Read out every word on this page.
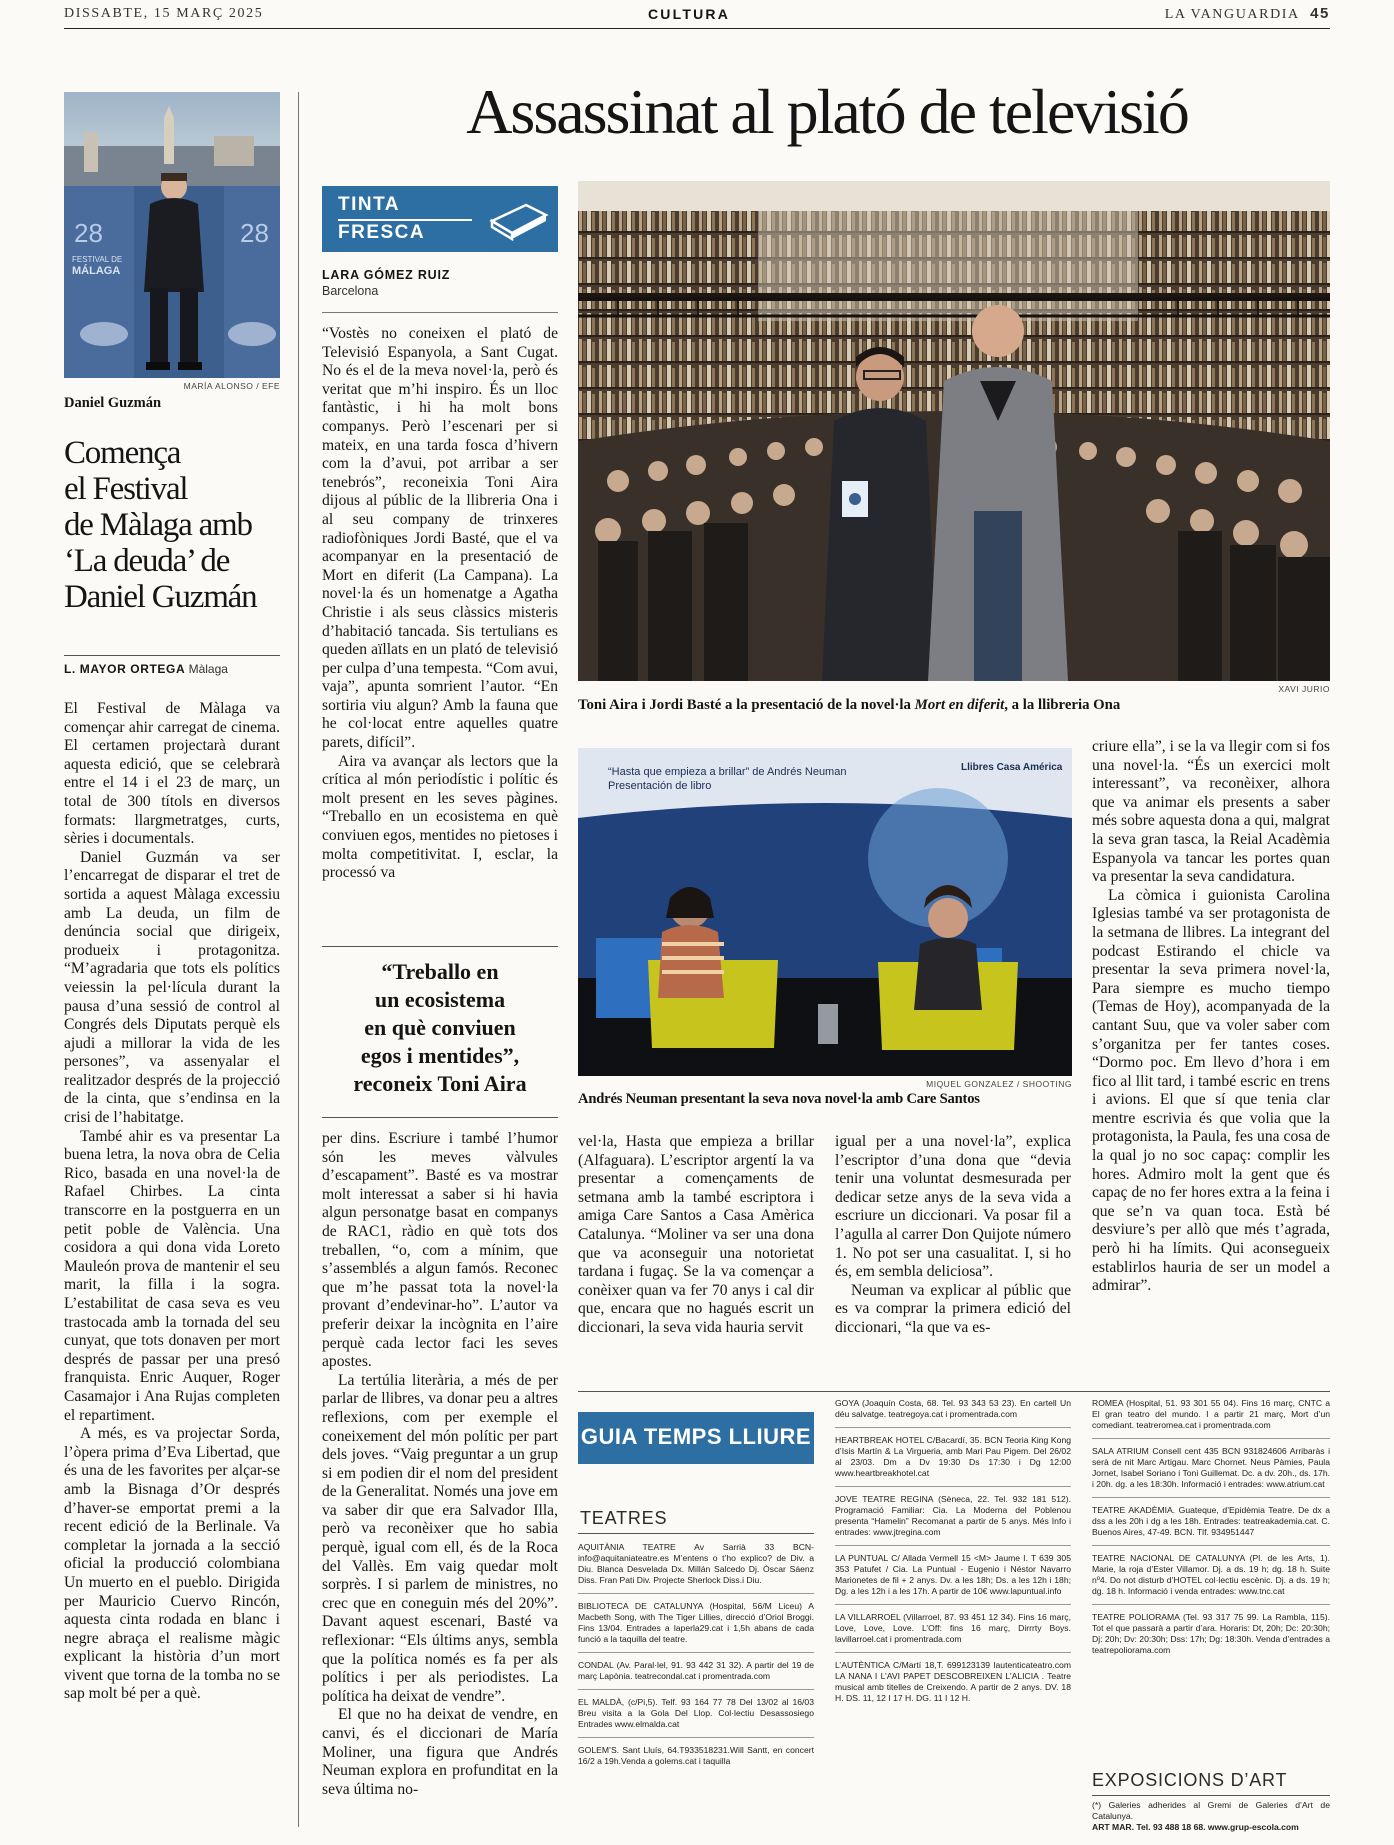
DISSABTE, 15 MARÇ 2025	CULTURA	LA VANGUARDIA 45
28
FESTIVAL DE
MÁLAGA
28
MARÍA ALONSO / EFE
Daniel Guzmán
Comença
el Festival
de Màlaga amb
‘La deuda’ de
Daniel Guzmán
L. MAYOR ORTEGA Màlaga

El Festival de Màlaga va començar ahir carregat de cinema. El certamen projectarà durant aquesta edició, que se celebrarà entre el 14 i el 23 de març, un total de 300 títols en diversos formats: llargmetratges, curts, sèries i documentals.

Daniel Guzmán va ser l’encarregat de disparar el tret de sortida a aquest Màlaga excessiu amb La deuda, un film de denúncia social que dirigeix, produeix i protagonitza. “M’agradaria que tots els polítics veiessin la pel·lícula durant la pausa d’una sessió de control al Congrés dels Diputats perquè els ajudi a millorar la vida de les persones”, va assenyalar el realitzador després de la projecció de la cinta, que s’endinsa en la crisi de l’habitatge.

També ahir es va presentar La buena letra, la nova obra de Celia Rico, basada en una novel·la de Rafael Chirbes. La cinta transcorre en la postguerra en un petit poble de València. Una cosidora a qui dona vida Loreto Mauleón prova de mantenir el seu marit, la filla i la sogra. L’estabilitat de casa seva es veu trastocada amb la tornada del seu cunyat, que tots donaven per mort després de passar per una presó franquista. Enric Auquer, Roger Casamajor i Ana Rujas completen el repartiment.

A més, es va projectar Sorda, l’òpera prima d’Eva Libertad, que és una de les favorites per alçar-se amb la Bisnaga d’Or després d’haver-se emportat premi a la recent edició de la Berlinale. Va completar la jornada a la secció oficial la producció colombiana Un muerto en el pueblo. Dirigida per Mauricio Cuervo Rincón, aquesta cinta rodada en blanc i negre abraça el realisme màgic explicant la història d’un mort vivent que torna de la tomba no se sap molt bé per a què.

Assassinat al plató de televisió
TINTA
FRESCA
LARA GÓMEZ RUIZ
Barcelona

“Vostès no coneixen el plató de Televisió Espanyola, a Sant Cugat. No és el de la meva novel·la, però és veritat que m’hi inspiro. És un lloc fantàstic, i hi ha molt bons companys. Però l’escenari per si mateix, en una tarda fosca d’hivern com la d’avui, pot arribar a ser tenebrós”, reconeixia Toni Aira dijous al públic de la llibreria Ona i al seu company de trinxeres radiofòniques Jordi Basté, que el va acompanyar en la presentació de Mort en diferit (La Campana). La novel·la és un homenatge a Agatha Christie i als seus clàssics misteris d’habitació tancada. Sis tertulians es queden aïllats en un plató de televisió per culpa d’una tempesta. “Com avui, vaja”, apunta somrient l’autor. “En sortiria viu algun? Amb la fauna que he col·locat entre aquelles quatre parets, difícil”.

Aira va avançar als lectors que la crítica al món periodístic i polític és molt present en les seves pàgines. “Treballo en un ecosistema en què conviuen egos, mentides no pietoses i molta competitivitat. I, esclar, la processó va

“Treballo en
un ecosistema
en què conviuen
egos i mentides”,
reconeix Toni Aira

per dins. Escriure i també l’humor són les meves vàlvules d’escapament”. Basté es va mostrar molt interessat a saber si hi havia algun personatge basat en companys de RAC1, ràdio en què tots dos treballen, “o, com a mínim, que s’assemblés a algun famós. Reconec que m’he passat tota la novel·la provant d’endevinar-ho”. L’autor va preferir deixar la incògnita en l’aire perquè cada lector faci les seves apostes.

La tertúlia literària, a més de per parlar de llibres, va donar peu a altres reflexions, com per exemple el coneixement del món polític per part dels joves. “Vaig preguntar a un grup si em podien dir el nom del president de la Generalitat. Només una jove em va saber dir que era Salvador Illa, però va reconèixer que ho sabia perquè, igual com ell, és de la Roca del Vallès. Em vaig quedar molt sorprès. I si parlem de ministres, no crec que en coneguin més del 20%”. Davant aquest escenari, Basté va reflexionar: “Els últims anys, sembla que la política només es fa per als polítics i per als periodistes. La política ha deixat de vendre”.

El que no ha deixat de vendre, en canvi, és el diccionari de María Moliner, una figura que Andrés Neuman explora en profunditat en la seva última no-

XAVI JURIO
Toni Aira i Jordi Basté a la presentació de la novel·la Mort en diferit, a la llibreria Ona
“Hasta que empieza a brillar” de Andrés Neuman
Presentación de libro
Llibres Casa América
MIQUEL GONZALEZ / SHOOTING
Andrés Neuman presentant la seva nova novel·la amb Care Santos

vel·la, Hasta que empieza a brillar (Alfaguara). L’escriptor argentí la va presentar a començaments de setmana amb la també escriptora i amiga Care Santos a Casa Amèrica Catalunya. “Moliner va ser una dona que va aconseguir una notorietat tardana i fugaç. Se la va començar a conèixer quan va fer 70 anys i cal dir que, encara que no hagués escrit un diccionari, la seva vida hauria servit

igual per a una novel·la”, explica l’escriptor d’una dona que “devia tenir una voluntat desmesurada per dedicar setze anys de la seva vida a escriure un diccionari. Va posar fil a l’agulla al carrer Don Quijote número 1. No pot ser una casualitat. I, si ho és, em sembla deliciosa”.

Neuman va explicar al públic que es va comprar la primera edició del diccionari, “la que va es-

criure ella”, i se la va llegir com si fos una novel·la. “És un exercici molt interessant”, va reconèixer, alhora que va animar els presents a saber més sobre aquesta dona a qui, malgrat la seva gran tasca, la Reial Acadèmia Espanyola va tancar les portes quan va presentar la seva candidatura.

La còmica i guionista Carolina Iglesias també va ser protagonista de la setmana de llibres. La integrant del podcast Estirando el chicle va presentar la seva primera novel·la, Para siempre es mucho tiempo (Temas de Hoy), acompanyada de la cantant Suu, que va voler saber com s’organitza per fer tantes coses. “Dormo poc. Em llevo d’hora i em fico al llit tard, i també escric en trens i avions. El que sí que tenia clar mentre escrivia és que volia que la protagonista, la Paula, fes una cosa de la qual jo no soc capaç: complir les hores. Admiro molt la gent que és capaç de no fer hores extra a la feina i que se’n va quan toca. Està bé desviure’s per allò que més t’agrada, però hi ha límits. Qui aconsegueix establirlos hauria de ser un model a admirar”.

GUIA TEMPS LLIURE
TEATRES
AQUITÀNIA TEATRE Av Sarrià 33 BCN-info@aquitaniateatre.es M’entens o t’ho explico? de Div. a Diu. Blanca Desvelada Dx. Millán Salcedo Dj. Òscar Sáenz Diss. Fran Pati Div. Projecte Sherlock Diss.i Diu.
BIBLIOTECA DE CATALUNYA (Hospital, 56/M Liceu) A Macbeth Song, with The Tiger Lillies, direcció d’Oriol Broggi. Fins 13/04. Entrades a laperla29.cat i 1,5h abans de cada funció a la taquilla del teatre.
CONDAL (Av. Paral·lel, 91. 93 442 31 32). A partir del 19 de març Lapònia. teatrecondal.cat i promentrada.com
EL MALDÀ, (c/Pi,5). Telf. 93 164 77 78 Del 13/02 al 16/03 Breu visita a la Gola Del Llop. Col·lectiu Desassosiego Entrades www.elmalda.cat
GOLEM’S. Sant Lluís, 64.T933518231.Will Santt, en concert 16/2 a 19h.Venda a golems.cat i taquilla
GOYA (Joaquín Costa, 68. Tel. 93 343 53 23). En cartell Un déu salvatge. teatregoya.cat i promentrada.com
HEARTBREAK HOTEL C/Bacardí, 35. BCN Teoria King Kong d’Isis Martín & La Virgueria, amb Mari Pau Pigem. Del 26/02 al 23/03. Dm a Dv 19:30 Ds 17:30 i Dg 12:00 www.heartbreakhotel.cat
JOVE TEATRE REGINA (Sèneca, 22. Tel. 932 181 512). Programació Familiar: Cia. La Moderna del Poblenou presenta “Hamelin” Recomanat a partir de 5 anys. Més Info i entrades: www.jtregina.com
LA PUNTUAL C/ Allada Vermell 15 <M> Jaume I. T 639 305 353 Patufet / Cia. La Puntual - Eugenio i Néstor Navarro Marionetes de fil + 2 anys. Dv. a les 18h; Ds. a les 12h i 18h; Dg. a les 12h i a les 17h. A partir de 10€ www.lapuntual.info
LA VILLARROEL (Villarroel, 87. 93 451 12 34). Fins 16 març, Love, Love, Love. L’Off: fins 16 març, Dirrrty Boys. lavillarroel.cat i promentrada.com
L’AUTÈNTICA C/Martí 18,T. 699123139 lautenticateatro.com LA NANA I L’AVI PAPET DESCOBREIXEN L’ALICIA . Teatre musical amb titelles de Creixendo. A partir de 2 anys. DV. 18 H. DS. 11, 12 I 17 H. DG. 11 I 12 H.
ROMEA (Hospital, 51. 93 301 55 04). Fins 16 març, CNTC a El gran teatro del mundo. I a partir 21 març, Mort d’un comediant. teatreromea.cat i promentrada.com
SALA ATRIUM Consell cent 435 BCN 931824606 Arribaràs i serà de nit Marc Artigau. Marc Chornet. Neus Pàmies, Paula Jornet, Isabel Soriano i Toni Guillemat. Dc. a dv. 20h., ds. 17h. i 20h. dg. a les 18:30h. Informació i entrades: www.atrium.cat
TEATRE AKADÈMIA. Guateque, d’Epidèmia Teatre. De dx a dss a les 20h i dg a les 18h. Entrades: teatreakademia.cat. C. Buenos Aires, 47-49. BCN. Tlf. 934951447
TEATRE NACIONAL DE CATALUNYA (Pl. de les Arts, 1). Marie, la roja d’Ester Villamor. Dj. a ds. 19 h; dg. 18 h. Suite nº4. Do not disturb d’HOTEL col·lectiu escènic. Dj. a ds. 19 h; dg. 18 h. Informació i venda entrades: www.tnc.cat
TEATRE POLIORAMA (Tel. 93 317 75 99. La Rambla, 115). Tot el que passarà a partir d’ara. Horaris: Dt, 20h; Dc: 20:30h; Dj: 20h; Dv: 20:30h; Dss: 17h; Dg: 18:30h. Venda d’entrades a teatrepoliorama.com
EXPOSICIONS D’ART
(*) Galeries adherides al Gremi de Galeries d’Art de Catalunya.
ART MAR. Tel. 93 488 18 68. www.grup-escola.com
